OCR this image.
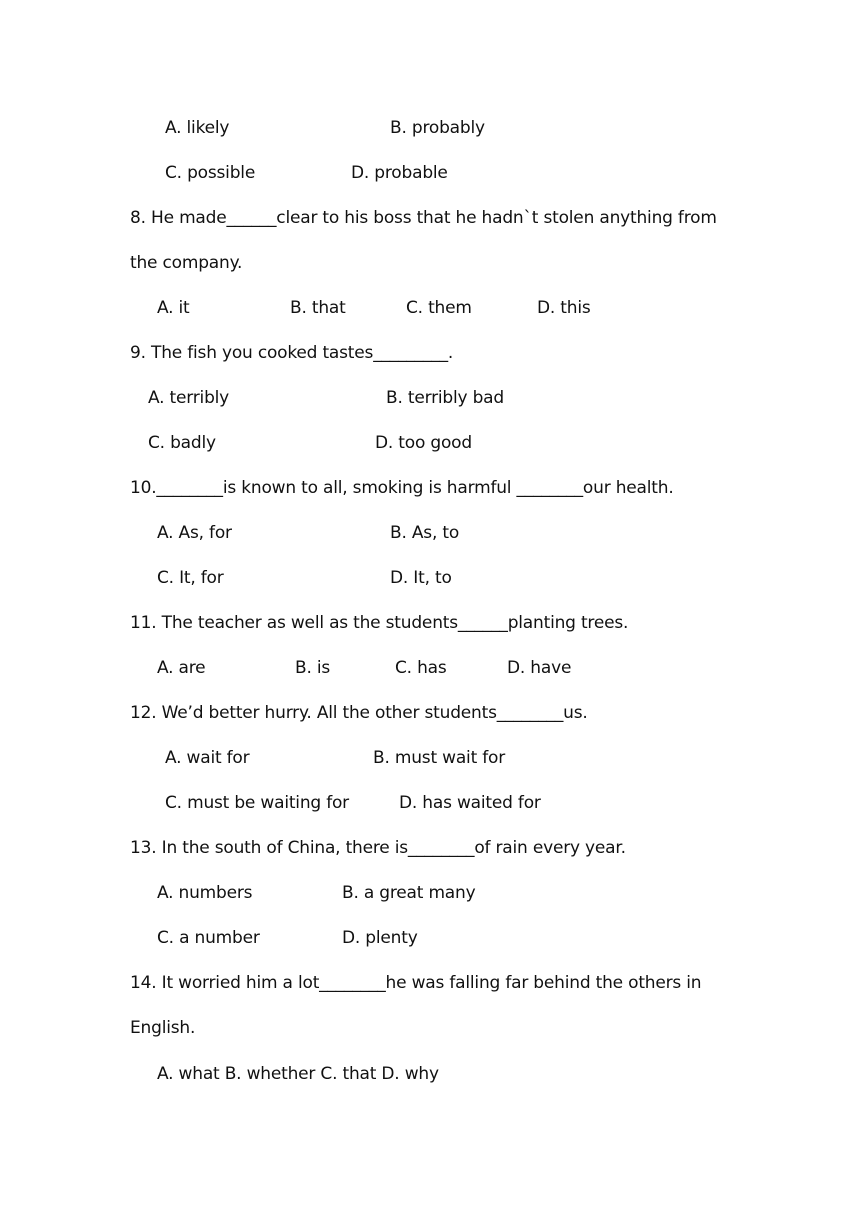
A. likely	B. probably
C. possible	D. probable
8. He made______clear to his boss that he hadn`t stolen anything from
the company.
A. it	B. that	C. them	D. this
9. The fish you cooked tastes_________.
A. terribly	B. terribly bad
C. badly	D. too good
10.________is known to all, smoking is harmful ________our health.
A. As, for	B. As, to
C. It, for	D. It, to
11. The teacher as well as the students______planting trees.
A. are	B. is	C. has	D. have
12. We’d better hurry. All the other students________us.
A. wait for	B. must wait for
C. must be waiting for	D. has waited for
13. In the south of China, there is________of rain every year.
A. numbers	B. a great many
C. a number	D. plenty
14. It worried him a lot________he was falling far behind the others in
English.
A. what B. whether C. that D. why
